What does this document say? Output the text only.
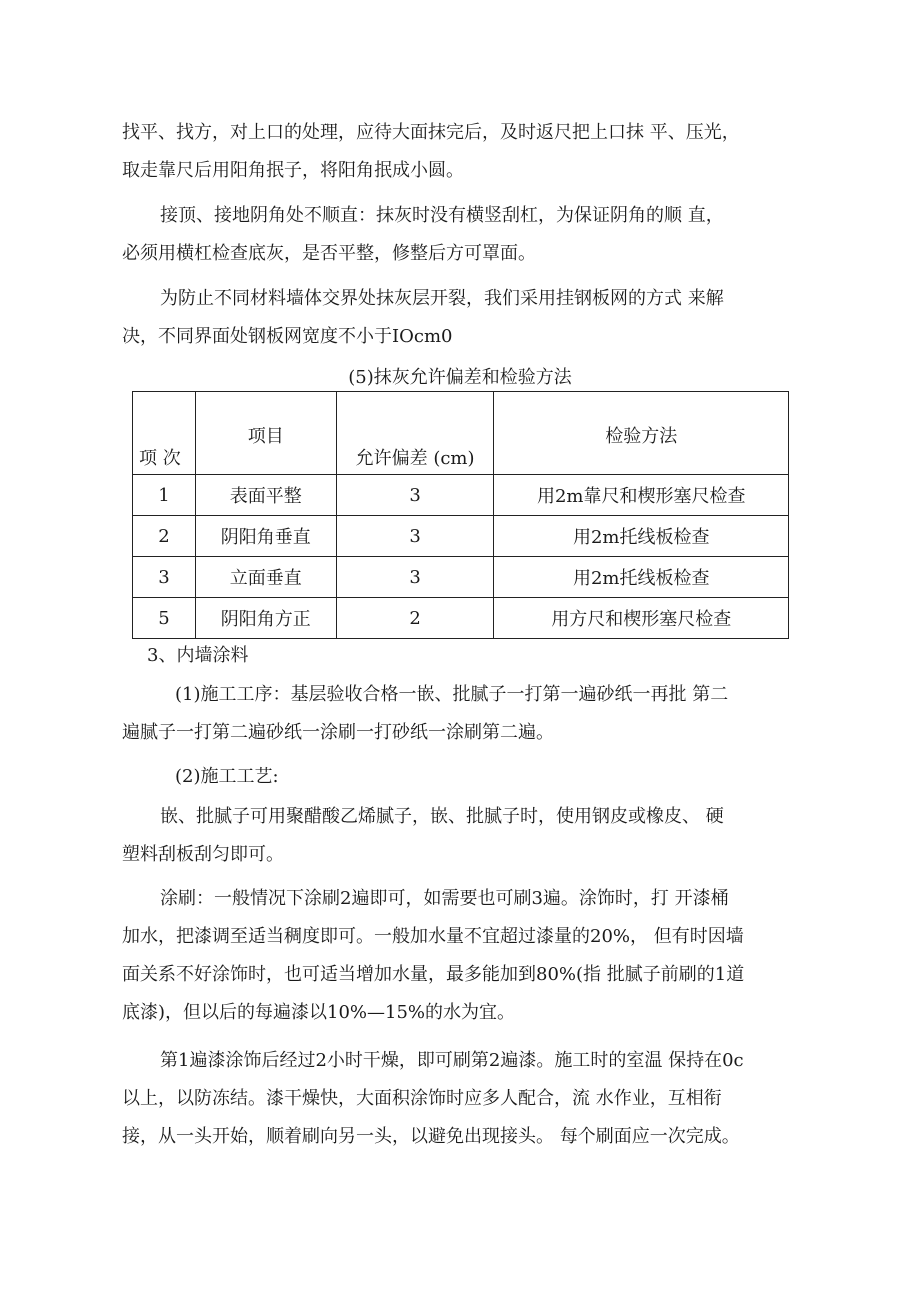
找平、找方，对上口的处理，应待大面抹完后，及时返尺把上口抹 平、压光，
取走靠尺后用阳角抿子，将阳角抿成小圆。
接顶、接地阴角处不顺直：抹灰时没有横竖刮杠，为保证阴角的顺 直，
必须用横杠检查底灰，是否平整，修整后方可罩面。
为防止不同材料墙体交界处抹灰层开裂，我们采用挂钢板网的方式 来解
决，不同界面处钢板网宽度不小于IOcm0
(5)抹灰允许偏差和检验方法
项 次	项目	允许偏差 (cm)	检验方法

1	表面平整	3	用2m靠尺和楔形塞尺检查
2	阴阳角垂直	3	用2m托线板检查
3	立面垂直	3	用2m托线板检查
5	阴阳角方正	2	用方尺和楔形塞尺检查
3、内墙涂料
(1)施工工序：基层验收合格一嵌、批腻子一打第一遍砂纸一再批 第二
遍腻子一打第二遍砂纸一涂刷一打砂纸一涂刷第二遍。
(2)施工工艺:
嵌、批腻子可用聚醋酸乙烯腻子，嵌、批腻子时，使用钢皮或橡皮、 硬
塑料刮板刮匀即可。
涂刷：一般情况下涂刷2遍即可，如需要也可刷3遍。涂饰时，打 开漆桶
加水，把漆调至适当稠度即可。一般加水量不宜超过漆量的20%， 但有时因墙
面关系不好涂饰时，也可适当增加水量，最多能加到80%(指 批腻子前刷的1道
底漆)，但以后的每遍漆以10%—15%的水为宜。
第1遍漆涂饰后经过2小时干燥，即可刷第2遍漆。施工时的室温 保持在0c
以上，以防冻结。漆干燥快，大面积涂饰时应多人配合，流 水作业，互相衔
接，从一头开始，顺着刷向另一头，以避免出现接头。 每个刷面应一次完成。
